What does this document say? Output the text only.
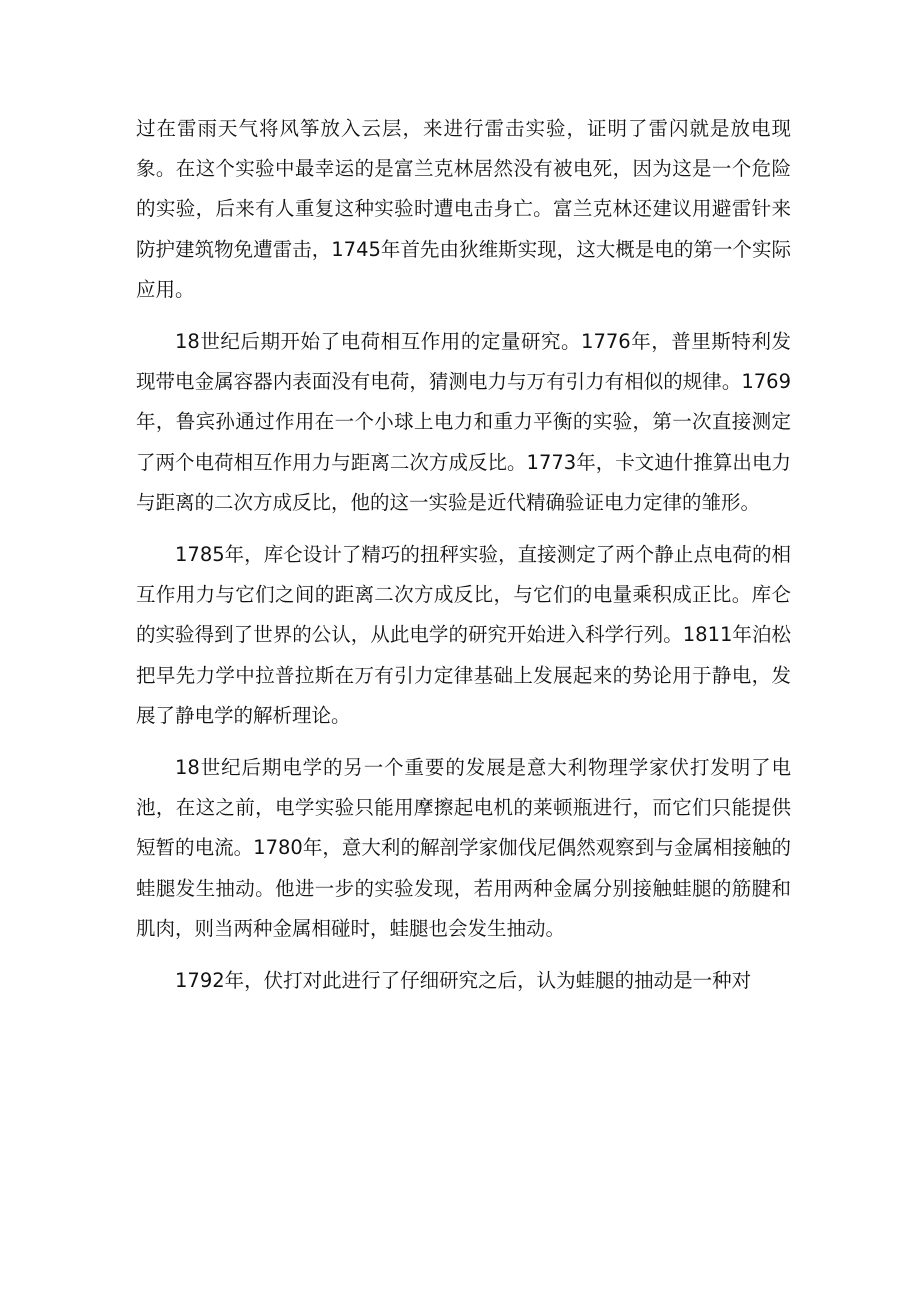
过在雷雨天气将风筝放入云层，来进行雷击实验，证明了雷闪就是放电现象。在这个实验中最幸运的是富兰克林居然没有被电死，因为这是一个危险的实验，后来有人重复这种实验时遭电击身亡。富兰克林还建议用避雷针来防护建筑物免遭雷击，1745年首先由狄维斯实现，这大概是电的第一个实际应用。

18世纪后期开始了电荷相互作用的定量研究。1776年，普里斯特利发现带电金属容器内表面没有电荷，猜测电力与万有引力有相似的规律。1769年，鲁宾孙通过作用在一个小球上电力和重力平衡的实验，第一次直接测定了两个电荷相互作用力与距离二次方成反比。1773年，卡文迪什推算出电力与距离的二次方成反比，他的这一实验是近代精确验证电力定律的雏形。

1785年，库仑设计了精巧的扭秤实验，直接测定了两个静止点电荷的相互作用力与它们之间的距离二次方成反比，与它们的电量乘积成正比。库仑的实验得到了世界的公认，从此电学的研究开始进入科学行列。1811年泊松把早先力学中拉普拉斯在万有引力定律基础上发展起来的势论用于静电，发展了静电学的解析理论。

18世纪后期电学的另一个重要的发展是意大利物理学家伏打发明了电池，在这之前，电学实验只能用摩擦起电机的莱顿瓶进行，而它们只能提供短暂的电流。1780年，意大利的解剖学家伽伐尼偶然观察到与金属相接触的蛙腿发生抽动。他进一步的实验发现，若用两种金属分别接触蛙腿的筋腱和肌肉，则当两种金属相碰时，蛙腿也会发生抽动。

1792年，伏打对此进行了仔细研究之后，认为蛙腿的抽动是一种对
